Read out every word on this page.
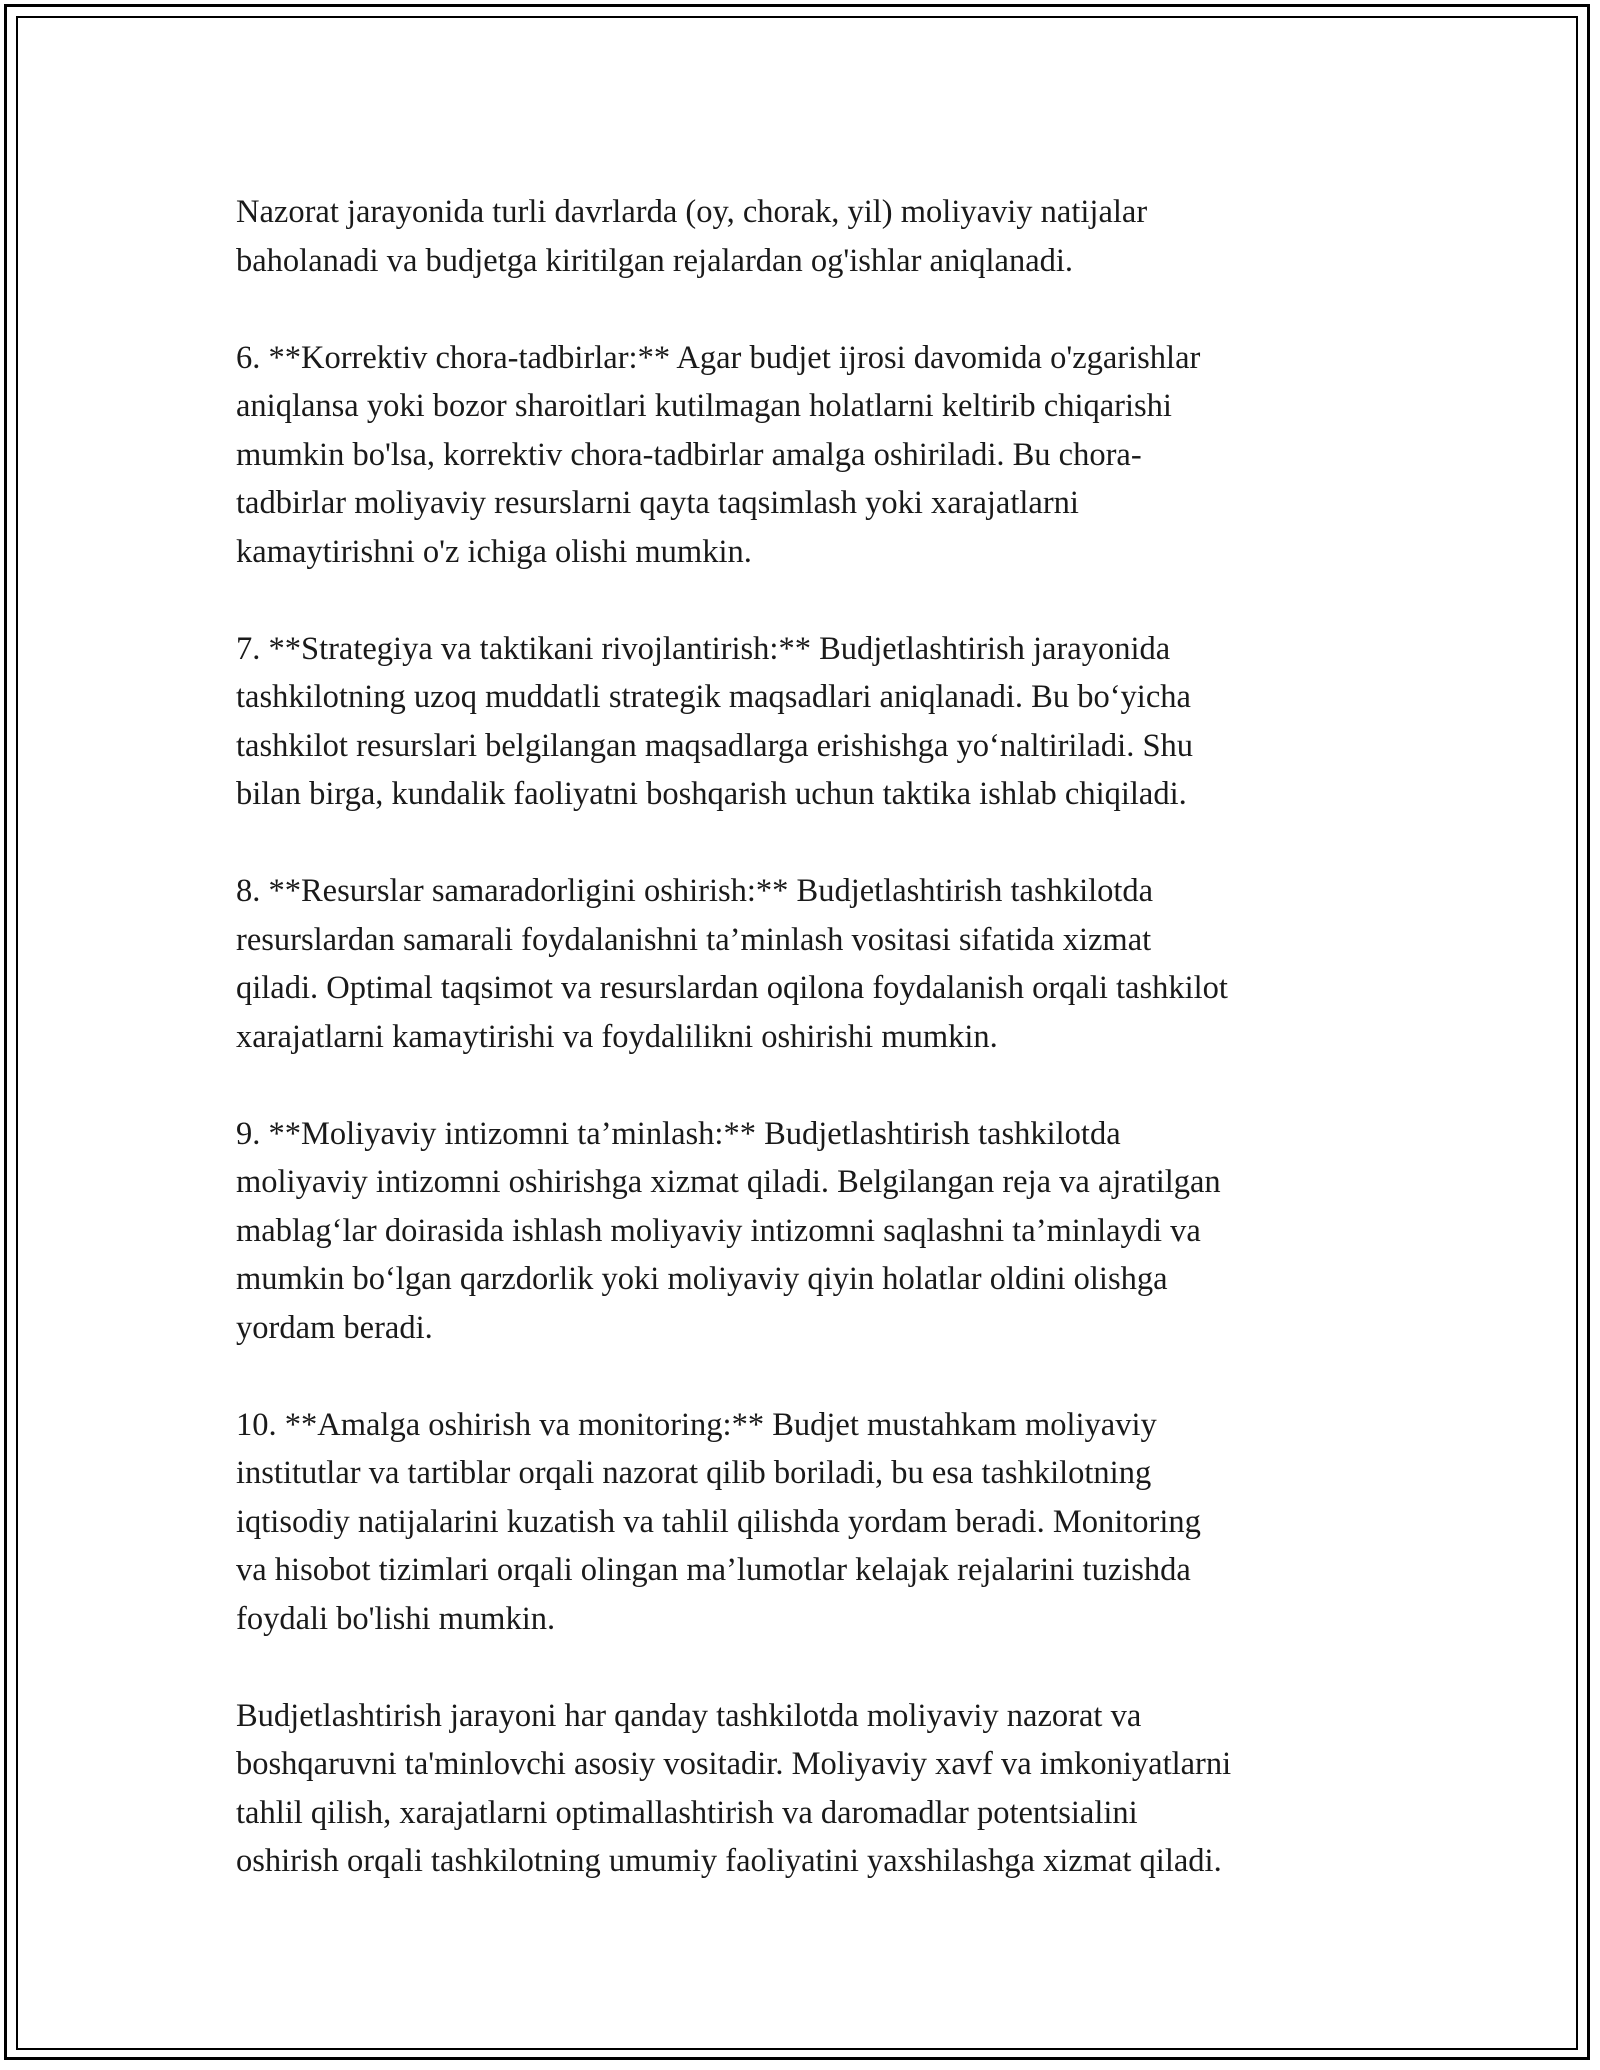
Nazorat jarayonida turli davrlarda (oy, chorak, yil) moliyaviy natijalar
baholanadi va budjetga kiritilgan rejalardan og'ishlar aniqlanadi.

6. **Korrektiv chora-tadbirlar:** Agar budjet ijrosi davomida o'zgarishlar
aniqlansa yoki bozor sharoitlari kutilmagan holatlarni keltirib chiqarishi
mumkin bo'lsa, korrektiv chora-tadbirlar amalga oshiriladi. Bu chora-
tadbirlar moliyaviy resurslarni qayta taqsimlash yoki xarajatlarni
kamaytirishni o'z ichiga olishi mumkin.

7. **Strategiya va taktikani rivojlantirish:** Budjetlashtirish jarayonida
tashkilotning uzoq muddatli strategik maqsadlari aniqlanadi. Bu bo‘yicha
tashkilot resurslari belgilangan maqsadlarga erishishga yo‘naltiriladi. Shu
bilan birga, kundalik faoliyatni boshqarish uchun taktika ishlab chiqiladi.

8. **Resurslar samaradorligini oshirish:** Budjetlashtirish tashkilotda
resurslardan samarali foydalanishni ta’minlash vositasi sifatida xizmat
qiladi. Optimal taqsimot va resurslardan oqilona foydalanish orqali tashkilot
xarajatlarni kamaytirishi va foydalilikni oshirishi mumkin.

9. **Moliyaviy intizomni ta’minlash:** Budjetlashtirish tashkilotda
moliyaviy intizomni oshirishga xizmat qiladi. Belgilangan reja va ajratilgan
mablag‘lar doirasida ishlash moliyaviy intizomni saqlashni ta’minlaydi va
mumkin bo‘lgan qarzdorlik yoki moliyaviy qiyin holatlar oldini olishga
yordam beradi.

10. **Amalga oshirish va monitoring:** Budjet mustahkam moliyaviy
institutlar va tartiblar orqali nazorat qilib boriladi, bu esa tashkilotning
iqtisodiy natijalarini kuzatish va tahlil qilishda yordam beradi. Monitoring
va hisobot tizimlari orqali olingan ma’lumotlar kelajak rejalarini tuzishda
foydali bo'lishi mumkin.

Budjetlashtirish jarayoni har qanday tashkilotda moliyaviy nazorat va
boshqaruvni ta'minlovchi asosiy vositadir. Moliyaviy xavf va imkoniyatlarni
tahlil qilish, xarajatlarni optimallashtirish va daromadlar potentsialini
oshirish orqali tashkilotning umumiy faoliyatini yaxshilashga xizmat qiladi.
